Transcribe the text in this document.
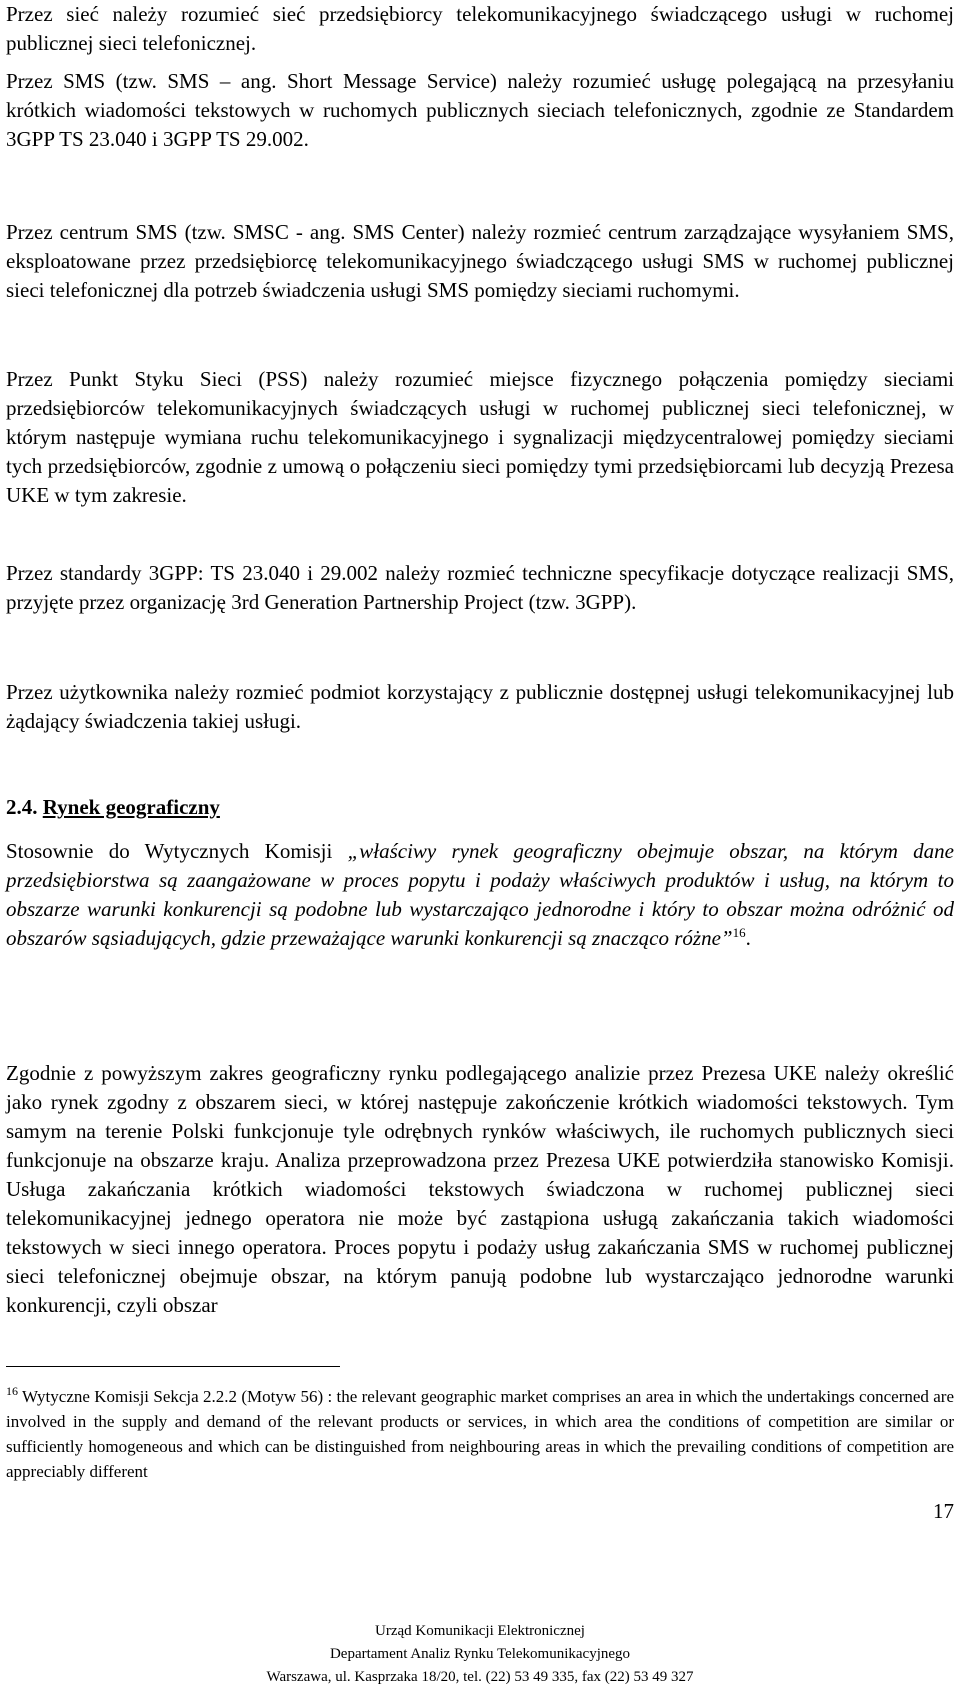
Przez sieć należy rozumieć sieć przedsiębiorcy telekomunikacyjnego świadczącego usługi w ruchomej publicznej sieci telefonicznej.

Przez SMS (tzw. SMS – ang. Short Message Service) należy rozumieć usługę polegającą na przesyłaniu krótkich wiadomości tekstowych w ruchomych publicznych sieciach telefonicznych, zgodnie ze Standardem 3GPP TS 23.040 i 3GPP TS 29.002.

Przez centrum SMS (tzw. SMSC - ang. SMS Center) należy rozmieć centrum zarządzające wysyłaniem SMS, eksploatowane przez przedsiębiorcę telekomunikacyjnego świadczącego usługi SMS w ruchomej publicznej sieci telefonicznej dla potrzeb świadczenia usługi SMS pomiędzy sieciami ruchomymi.

Przez Punkt Styku Sieci (PSS) należy rozumieć miejsce fizycznego połączenia pomiędzy sieciami przedsiębiorców telekomunikacyjnych świadczących usługi w ruchomej publicznej sieci telefonicznej, w którym następuje wymiana ruchu telekomunikacyjnego i sygnalizacji międzycentralowej pomiędzy sieciami tych przedsiębiorców, zgodnie z umową o połączeniu sieci pomiędzy tymi przedsiębiorcami lub decyzją Prezesa UKE w tym zakresie.

Przez standardy 3GPP: TS 23.040 i 29.002 należy rozmieć techniczne specyfikacje dotyczące realizacji SMS, przyjęte przez organizację 3rd Generation Partnership Project (tzw. 3GPP).

Przez użytkownika należy rozmieć podmiot korzystający z publicznie dostępnej usługi telekomunikacyjnej lub żądający świadczenia takiej usługi.

2.4. Rynek geograficzny

Stosownie do Wytycznych Komisji „właściwy rynek geograficzny obejmuje obszar, na którym dane przedsiębiorstwa są zaangażowane w proces popytu i podaży właściwych produktów i usług, na którym to obszarze warunki konkurencji są podobne lub wystarczająco jednorodne i który to obszar można odróżnić od obszarów sąsiadujących, gdzie przeważające warunki konkurencji są znacząco różne”$^{16}$.

Zgodnie z powyższym zakres geograficzny rynku podlegającego analizie przez Prezesa UKE należy określić jako rynek zgodny z obszarem sieci, w której następuje zakończenie krótkich wiadomości tekstowych. Tym samym na terenie Polski funkcjonuje tyle odrębnych rynków właściwych, ile ruchomych publicznych sieci funkcjonuje na obszarze kraju. Analiza przeprowadzona przez Prezesa UKE potwierdziła stanowisko Komisji. Usługa zakańczania krótkich wiadomości tekstowych świadczona w ruchomej publicznej sieci telekomunikacyjnej jednego operatora nie może być zastąpiona usługą zakańczania takich wiadomości tekstowych w sieci innego operatora. Proces popytu i podaży usług zakańczania SMS w ruchomej publicznej sieci telefonicznej obejmuje obszar, na którym panują podobne lub wystarczająco jednorodne warunki konkurencji, czyli obszar

$^{16}$ Wytyczne Komisji Sekcja 2.2.2 (Motyw 56) : the relevant geographic market comprises an area in which the undertakings concerned are involved in the supply and demand of the relevant products or services, in which area the conditions of competition are similar or sufficiently homogeneous and which can be distinguished from neighbouring areas in which the prevailing conditions of competition are appreciably different

17
Urząd Komunikacji Elektronicznej
Departament Analiz Rynku Telekomunikacyjnego
Warszawa, ul. Kasprzaka 18/20, tel. (22) 53 49 335, fax (22) 53 49 327
